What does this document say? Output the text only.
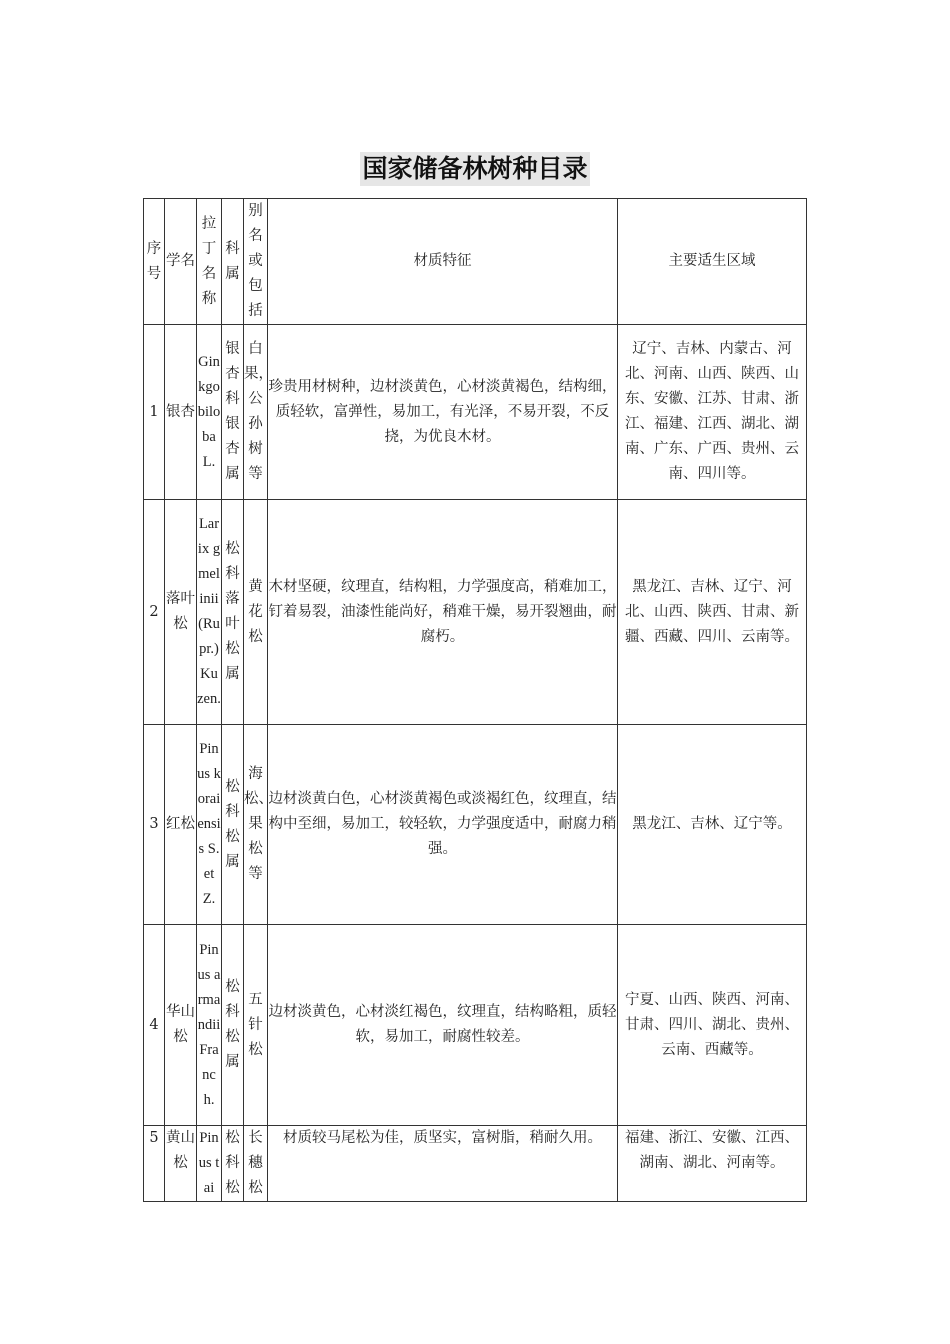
国家储备林树种目录
序号	学名	拉丁名称	科属	别名或包括	材质特征	主要适生区域
1	银杏	Ginkgo biloba L.	银杏科银杏属	白果，公孙树等	珍贵用材树种，边材淡黄色，心材淡黄褐色，结构细，质轻软，富弹性，易加工，有光泽，不易开裂，不反挠，为优良木材。	辽宁、吉林、内蒙古、河北、河南、山西、陕西、山东、安徽、江苏、甘肃、浙江、福建、江西、湖北、湖南、广东、广西、贵州、云南、四川等。
2	落叶松	Larix gmelinii (Rupr.) Kuzen.	松科落叶松属	黄花松	木材坚硬，纹理直，结构粗，力学强度高，稍难加工，钉着易裂，油漆性能尚好，稍难干燥，易开裂翘曲，耐腐朽。	黑龙江、吉林、辽宁、河北、山西、陕西、甘肃、新疆、西藏、四川、云南等。
3	红松	Pinus koraiensis S. et Z.	松科松属	海松、果松等	边材淡黄白色，心材淡黄褐色或淡褐红色，纹理直，结构中至细，易加工，较轻软，力学强度适中，耐腐力稍强。	黑龙江、吉林、辽宁等。
4	华山松	Pinus armandii Franch.	松科松属	五针松	边材淡黄色，心材淡红褐色，纹理直，结构略粗，质轻软，易加工，耐腐性较差。	宁夏、山西、陕西、河南、甘肃、四川、湖北、贵州、云南、西藏等。
5	黄山松	Pinus tai	松科松	长穗松	材质较马尾松为佳，质坚实，富树脂，稍耐久用。	福建、浙江、安徽、江西、湖南、湖北、河南等。
